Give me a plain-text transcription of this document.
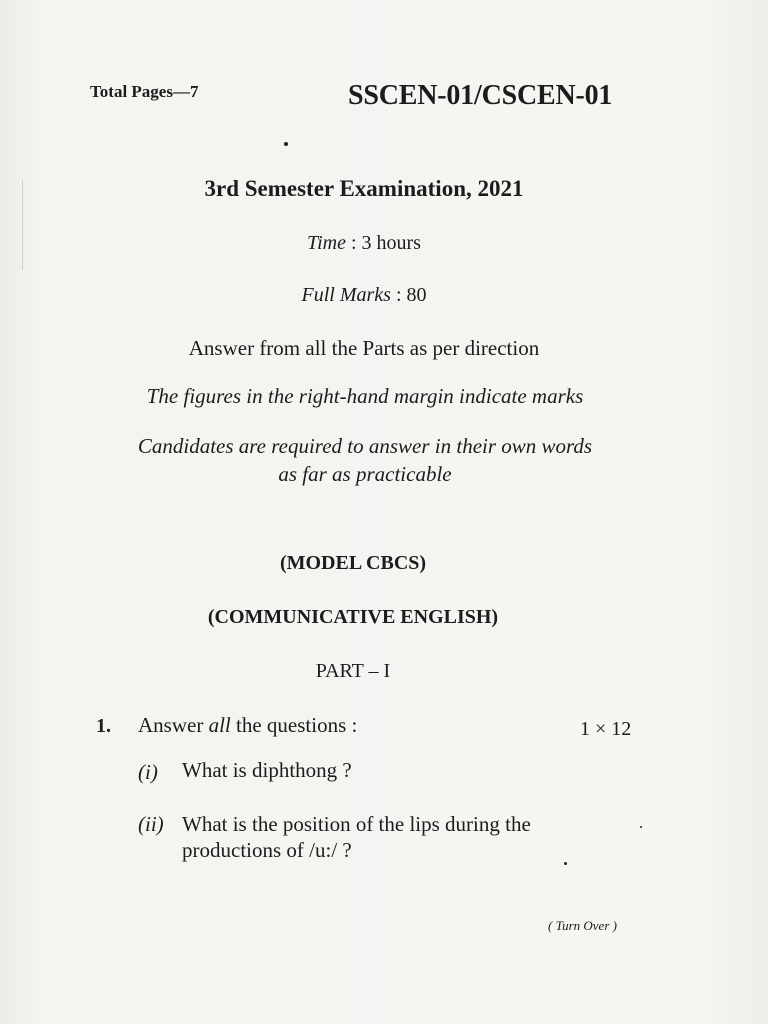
Total Pages—7	SSCEN-01/CSCEN-01
3rd Semester Examination, 2021
Time : 3 hours
Full Marks : 80
Answer from all the Parts as per direction
The figures in the right-hand margin indicate marks
Candidates are required to answer in their own words
as far as practicable
(MODEL CBCS)
(COMMUNICATIVE ENGLISH)
PART – I
1. Answer all the questions :	1 × 12
(i) What is diphthong ?
(ii) What is the position of the lips during the
productions of /u:/ ?
( Turn Over )
